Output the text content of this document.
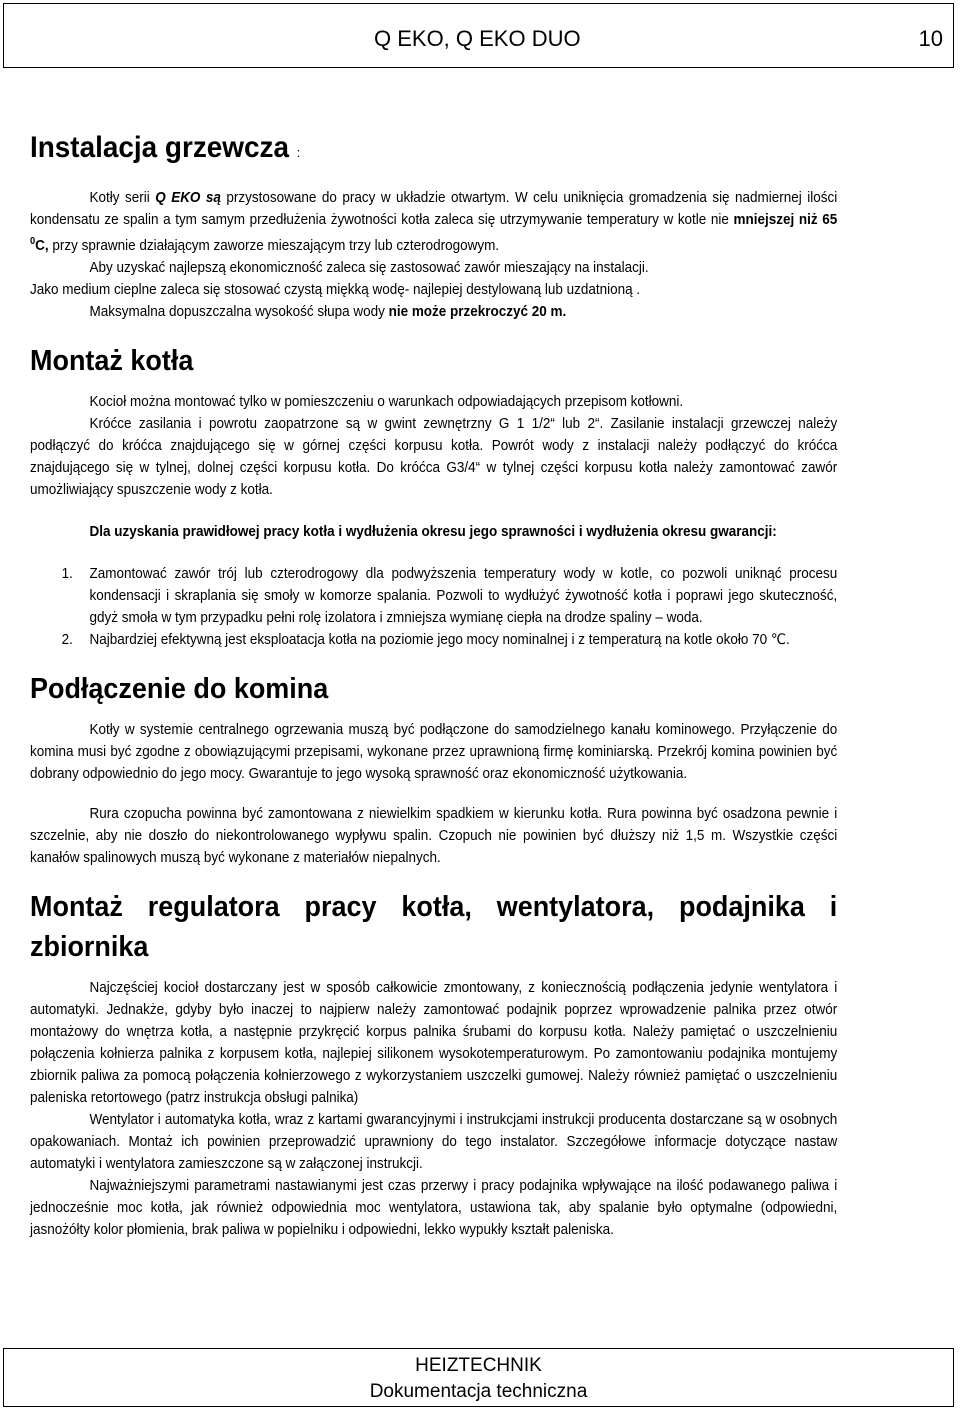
Q EKO, Q EKO DUO	10
Instalacja grzewcza :

Kotły serii Q EKO są przystosowane do pracy w układzie otwartym. W celu uniknięcia gromadzenia się nadmiernej ilości kondensatu ze spalin a tym samym przedłużenia żywotności kotła zaleca się utrzymywanie temperatury w kotle nie mniejszej niż 65 $^0$C, przy sprawnie działającym zaworze mieszającym trzy lub czterodrogowym.

Aby uzyskać najlepszą ekonomiczność zaleca się zastosować zawór mieszający na instalacji.

Jako medium cieplne zaleca się stosować czystą miękką wodę- najlepiej destylowaną lub uzdatnioną .

Maksymalna dopuszczalna wysokość słupa wody nie może przekroczyć 20 m.

Montaż kotła

Kocioł można montować tylko w pomieszczeniu o warunkach odpowiadających przepisom kotłowni.

Króćce zasilania i powrotu zaopatrzone są w gwint zewnętrzny G 1 1/2“ lub 2“. Zasilanie instalacji grzewczej należy podłączyć do króćca znajdującego się w górnej części korpusu kotła. Powrót wody z instalacji należy podłączyć do króćca znajdującego się w tylnej, dolnej części korpusu kotła. Do króćca G3/4“ w tylnej części korpusu kotła należy zamontować zawór umożliwiający spuszczenie wody z kotła.

Dla uzyskania prawidłowej pracy kotła i wydłużenia okresu jego sprawności i wydłużenia okresu gwarancji:

1. Zamontować zawór trój lub czterodrogowy dla podwyższenia temperatury wody w kotle, co pozwoli uniknąć procesu kondensacji i skraplania się smoły w komorze spalania. Pozwoli to wydłużyć żywotność kotła i poprawi jego skuteczność, gdyż smoła w tym przypadku pełni rolę izolatora i zmniejsza wymianę ciepła na drodze spaliny – woda.
2. Najbardziej efektywną jest eksploatacja kotła na poziomie jego mocy nominalnej i z temperaturą na kotle około 70 ℃.
Podłączenie do komina

Kotły w systemie centralnego ogrzewania muszą być podłączone do samodzielnego kanału kominowego. Przyłączenie do komina musi być zgodne z obowiązującymi przepisami, wykonane przez uprawnioną firmę kominiarską. Przekrój komina powinien być dobrany odpowiednio do jego mocy. Gwarantuje to jego wysoką sprawność oraz ekonomiczność użytkowania.

Rura czopucha powinna być zamontowana z niewielkim spadkiem w kierunku kotła. Rura powinna być osadzona pewnie i szczelnie, aby nie doszło do niekontrolowanego wypływu spalin. Czopuch nie powinien być dłuższy niż 1,5 m. Wszystkie części kanałów spalinowych muszą być wykonane z materiałów niepalnych.

Montaż regulatora pracy kotła, wentylatora, podajnika i zbiornika

Najczęściej kocioł dostarczany jest w sposób całkowicie zmontowany, z koniecznością podłączenia jedynie wentylatora i automatyki. Jednakże, gdyby było inaczej to najpierw należy zamontować podajnik poprzez wprowadzenie palnika przez otwór montażowy do wnętrza kotła, a następnie przykręcić korpus palnika śrubami do korpusu kotła. Należy pamiętać o uszczelnieniu połączenia kołnierza palnika z korpusem kotła, najlepiej silikonem wysokotemperaturowym. Po zamontowaniu podajnika montujemy zbiornik paliwa za pomocą połączenia kołnierzowego z wykorzystaniem uszczelki gumowej. Należy również pamiętać o uszczelnieniu paleniska retortowego (patrz instrukcja obsługi palnika)

Wentylator i automatyka kotła, wraz z kartami gwarancyjnymi i instrukcjami instrukcji producenta dostarczane są w osobnych opakowaniach. Montaż ich powinien przeprowadzić uprawniony do tego instalator. Szczegółowe informacje dotyczące nastaw automatyki i wentylatora zamieszczone są w załączonej instrukcji.

Najważniejszymi parametrami nastawianymi jest czas przerwy i pracy podajnika wpływające na ilość podawanego paliwa i jednocześnie moc kotła, jak również odpowiednia moc wentylatora, ustawiona tak, aby spalanie było optymalne (odpowiedni, jasnożółty kolor płomienia, brak paliwa w popielniku i odpowiedni, lekko wypukły kształt paleniska.

HEIZTECHNIK
Dokumentacja techniczna
